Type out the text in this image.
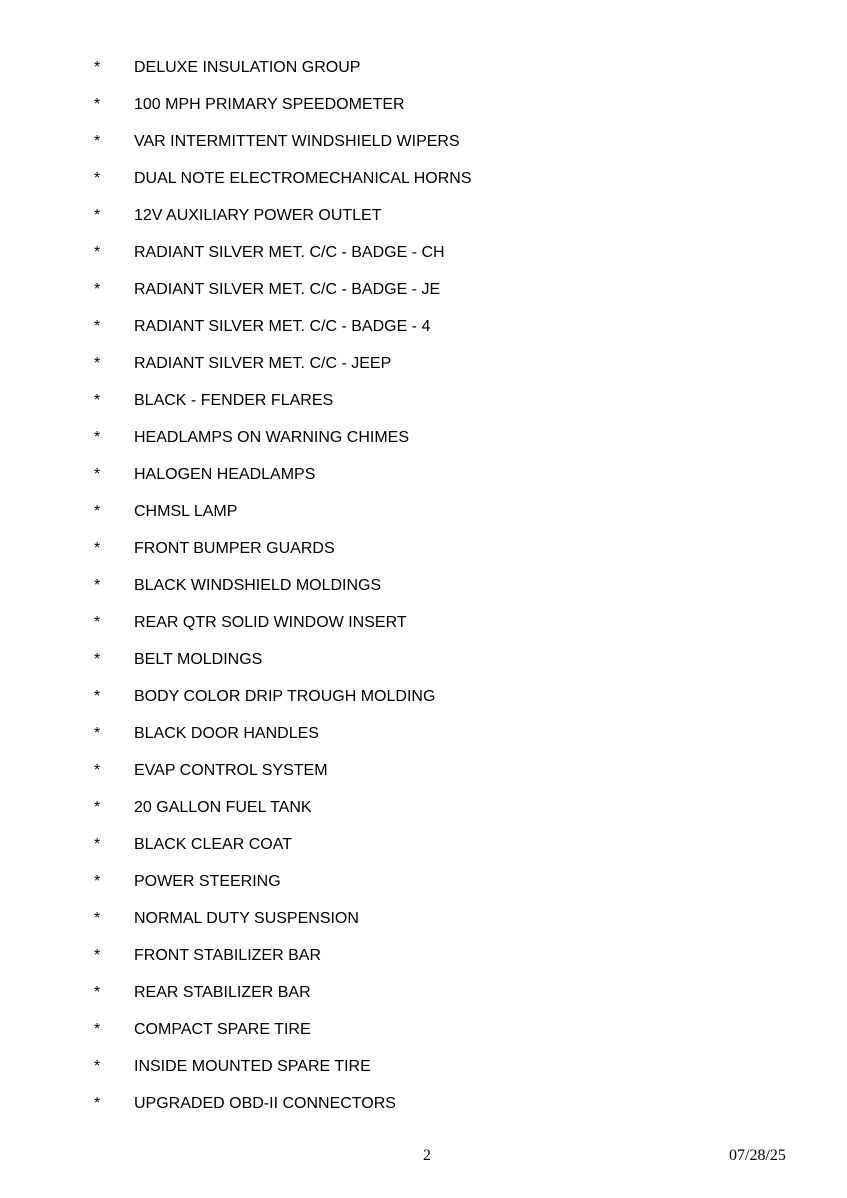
* DELUXE INSULATION GROUP
* 100 MPH PRIMARY SPEEDOMETER
* VAR INTERMITTENT WINDSHIELD WIPERS
* DUAL NOTE ELECTROMECHANICAL HORNS
* 12V AUXILIARY POWER OUTLET
* RADIANT SILVER MET. C/C - BADGE - CH
* RADIANT SILVER MET. C/C - BADGE - JE
* RADIANT SILVER MET. C/C - BADGE - 4
* RADIANT SILVER MET. C/C - JEEP
* BLACK - FENDER FLARES
* HEADLAMPS ON WARNING CHIMES
* HALOGEN HEADLAMPS
* CHMSL LAMP
* FRONT BUMPER GUARDS
* BLACK WINDSHIELD MOLDINGS
* REAR QTR SOLID WINDOW INSERT
* BELT MOLDINGS
* BODY COLOR DRIP TROUGH MOLDING
* BLACK DOOR HANDLES
* EVAP CONTROL SYSTEM
* 20 GALLON FUEL TANK
* BLACK CLEAR COAT
* POWER STEERING
* NORMAL DUTY SUSPENSION
* FRONT STABILIZER BAR
* REAR STABILIZER BAR
* COMPACT SPARE TIRE
* INSIDE MOUNTED SPARE TIRE
* UPGRADED OBD-II CONNECTORS
2	07/28/25
